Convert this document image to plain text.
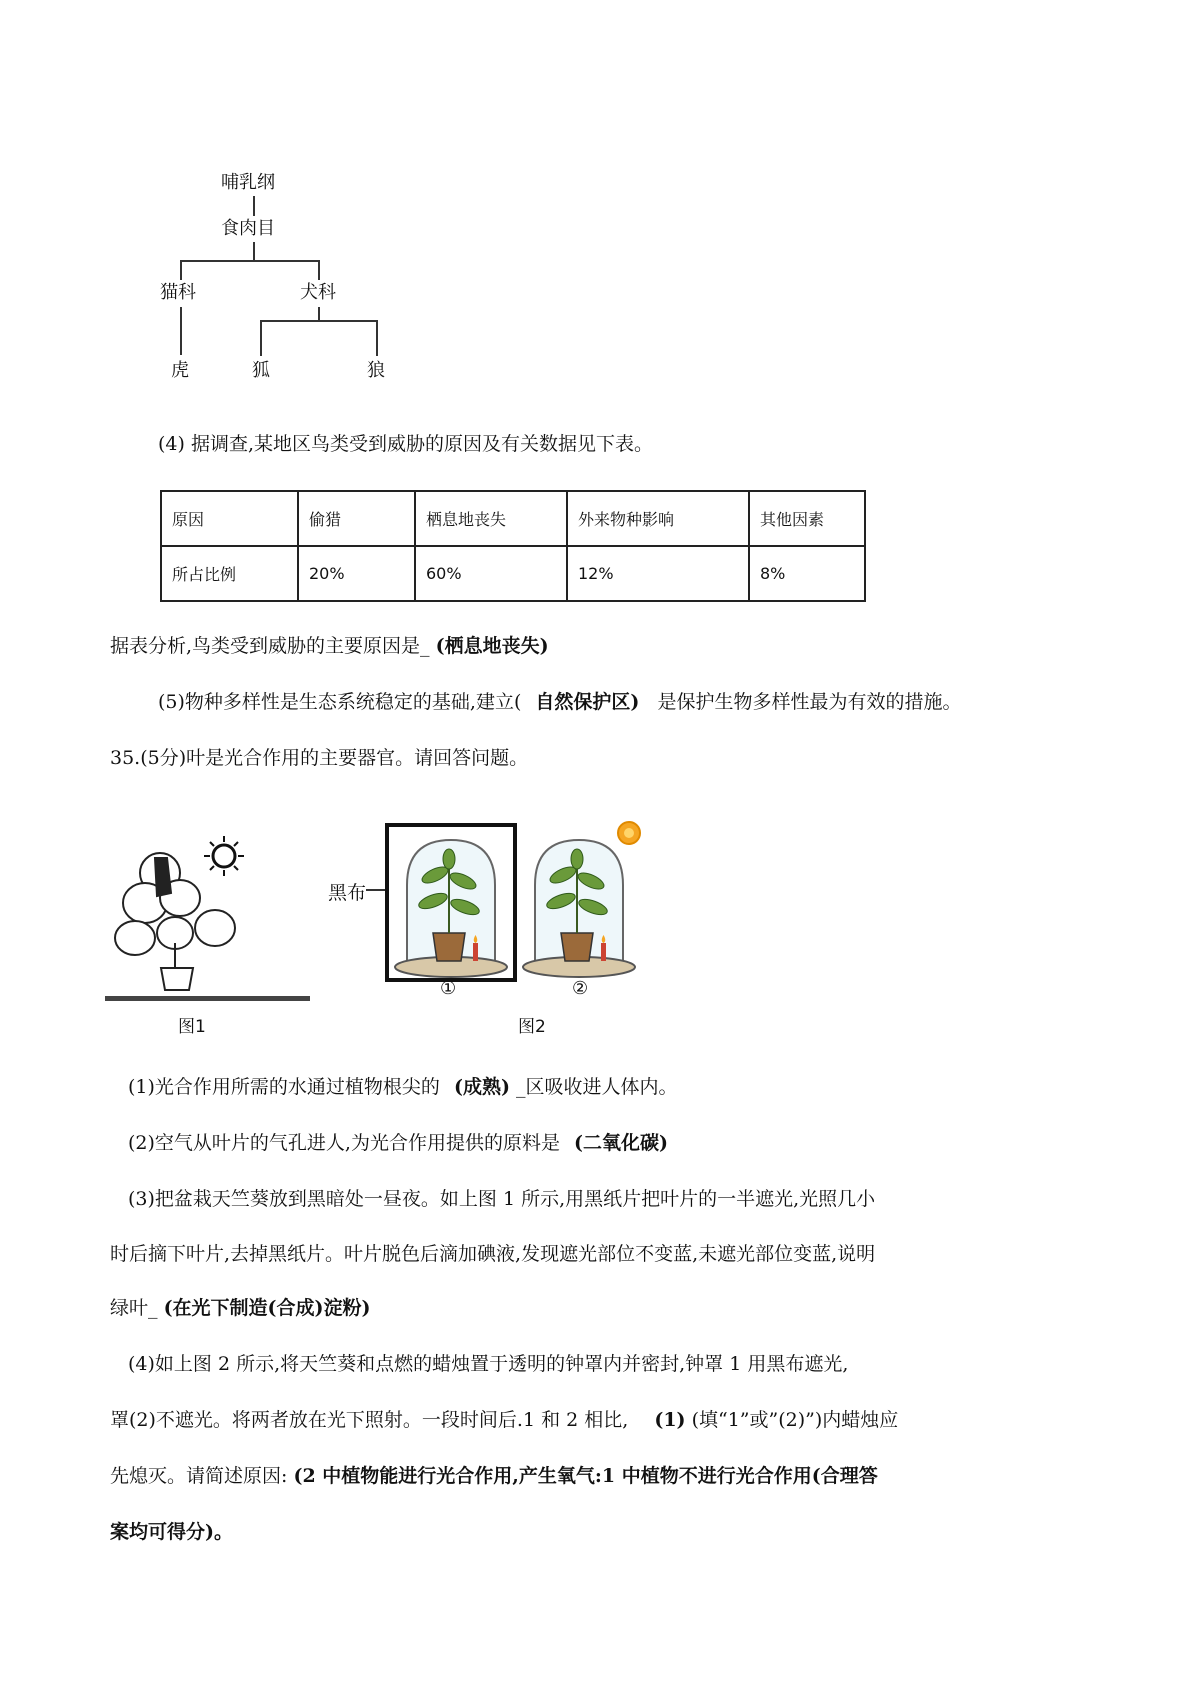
哺乳纲
食肉目
猫科	犬科
虎	狐	狼
(4) 据调查,某地区鸟类受到威胁的原因及有关数据见下表。
原因	偷猎	栖息地丧失	外来物种影响	其他因素
所占比例	20%	60%	12%	8%
据表分析,鸟类受到威胁的主要原因是_ (栖息地丧失)
(5)物种多样性是生态系统稳定的基础,建立( 自然保护区) 是保护生物多样性最为有效的措施。
35.(5分)叶是光合作用的主要器官。请回答问题。
图1
黑布
①	②
图2
(1)光合作用所需的水通过植物根尖的 (成熟) _区吸收进人体内。
(2)空气从叶片的气孔进人,为光合作用提供的原料是 (二氧化碳)
(3)把盆栽天竺葵放到黑暗处一昼夜。如上图 1 所示,用黑纸片把叶片的一半遮光,光照几小
时后摘下叶片,去掉黑纸片。叶片脱色后滴加碘液,发现遮光部位不变蓝,未遮光部位变蓝,说明
绿叶_ (在光下制造(合成)淀粉)
(4)如上图 2 所示,将天竺葵和点燃的蜡烛置于透明的钟罩内并密封,钟罩 1 用黑布遮光,
罩(2)不遮光。将两者放在光下照射。一段时间后.1 和 2 相比, (1) (填“1”或”(2)”)内蜡烛应
先熄灭。请简述原因: (2 中植物能进行光合作用,产生氧气:1 中植物不进行光合作用(合理答
案均可得分)。
